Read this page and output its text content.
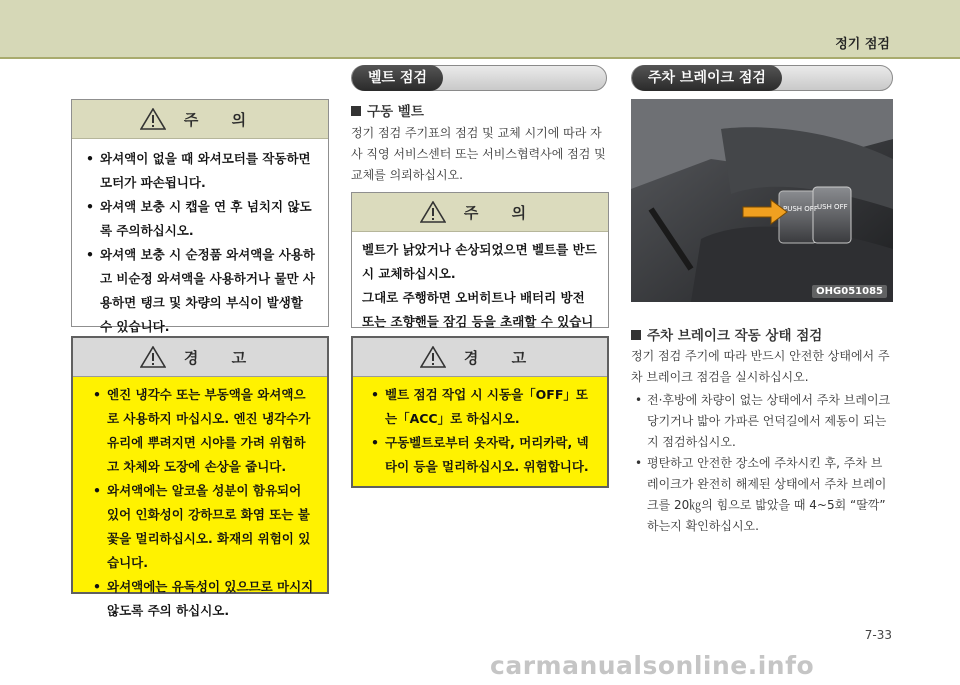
정기 점검
주 의
• 와셔액이 없을 때 와셔모터를 작동하면 모터가 파손됩니다.
• 와셔액 보충 시 캡을 연 후 넘치지 않도록 주의하십시오.
• 와셔액 보충 시 순정품 와셔액을 사용하고 비순정 와셔액을 사용하거나 물만 사용하면 탱크 및 차량의 부식이 발생할 수 있습니다.
경 고
• 엔진 냉각수 또는 부동액을 와셔액으로 사용하지 마십시오. 엔진 냉각수가 유리에 뿌려지면 시야를 가려 위험하고 차체와 도장에 손상을 줍니다.
• 와셔액에는 알코올 성분이 함유되어 있어 인화성이 강하므로 화염 또는 불꽃을 멀리하십시오. 화재의 위험이 있습니다.
• 와셔액에는 유독성이 있으므로 마시지 않도록 주의 하십시오.
벨트 점검
구동 벨트

정기 점검 주기표의 점검 및 교체 시기에 따라 자사 직영 서비스센터 또는 서비스협력사에 점검 및 교체를 의뢰하십시오.

주 의

벨트가 낡았거나 손상되었으면 벨트를 반드시 교체하십시오.

그대로 주행하면 오버히트나 배터리 방전 또는 조향핸들 잠김 등을 초래할 수 있습니

경 고
• 벨트 점검 작업 시 시동을「OFF」또는「ACC」로 하십시오.
• 구동벨트로부터 옷자락, 머리카락, 넥타이 등을 멀리하십시오. 위험합니다.
주차 브레이크 점검
PUSH OFF USH OFF
OHG051085
주차 브레이크 작동 상태 점검

정기 점검 주기에 따라 반드시 안전한 상태에서 주차 브레이크 점검을 실시하십시오.

• 전·후방에 차량이 없는 상태에서 주차 브레이크 당기거나 밟아 가파른 언덕길에서 제동이 되는지 점검하십시오.
• 평탄하고 안전한 장소에 주차시킨 후, 주차 브레이크가 완전히 해제된 상태에서 주차 브레이크를 20㎏의 힘으로 밟았을 때 4~5회 “딸깍” 하는지 확인하십시오.
7-33
carmanualsonline.info
